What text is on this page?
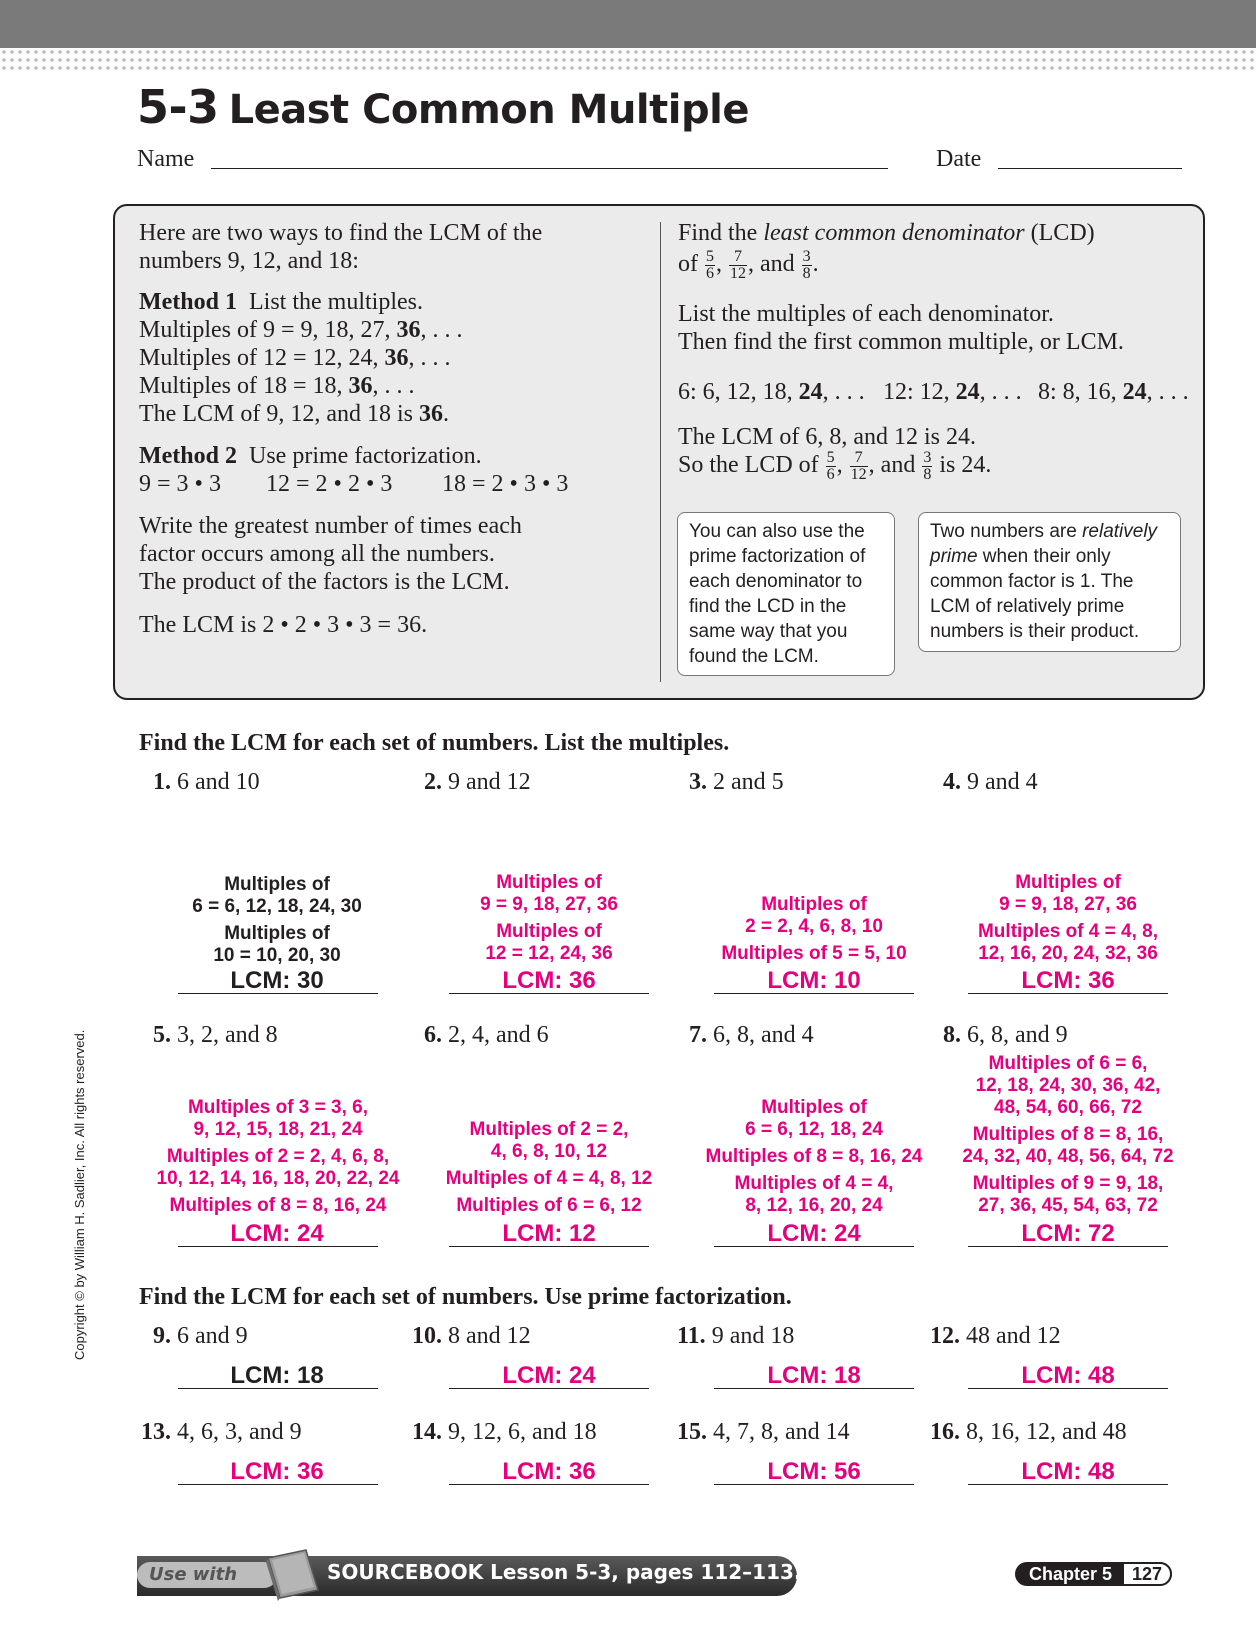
5-3 Least Common Multiple
Name	Date
Here are two ways to find the LCM of the
numbers 9, 12, and 18:
Method 1 List the multiples.
Multiples of 9 = 9, 18, 27, 36, . . .
Multiples of 12 = 12, 24, 36, . . .
Multiples of 18 = 18, 36, . . .
The LCM of 9, 12, and 18 is 36.
Method 2 Use prime factorization.
9 = 3 • 3 12 = 2 • 2 • 3 18 = 2 • 3 • 3
Write the greatest number of times each
factor occurs among all the numbers.
The product of the factors is the LCM.
The LCM is 2 • 2 • 3 • 3 = 36.
Find the least common denominator (LCD)
of $\frac{5}{6}$ , $\frac{7}{12}$ , and $\frac{3}{8}$ .
List the multiples of each denominator.
Then find the first common multiple, or LCM.
6: 6, 12, 18, 24, . . . 12: 12, 24, . . . 8: 8, 16, 24, . . .
The LCM of 6, 8, and 12 is 24.
So the LCD of $\frac{5}{6}$ , $\frac{7}{12}$ , and $\frac{3}{8}$ is 24.
You can also use the
prime factorization of
each denominator to
find the LCD in the
same way that you
found the LCM.
Two numbers are relatively
prime when their only
common factor is 1. The
LCM of relatively prime
numbers is their product.
Find the LCM for each set of numbers. List the multiples.
1. 6 and 10	2. 9 and 12	3. 2 and 5	4. 9 and 4
Multiples of
6 = 6, 12, 18, 24, 30
Multiples of
10 = 10, 20, 30
LCM: 30
Multiples of
9 = 9, 18, 27, 36
Multiples of
12 = 12, 24, 36
LCM: 36
Multiples of
2 = 2, 4, 6, 8, 10
Multiples of 5 = 5, 10
LCM: 10
Multiples of
9 = 9, 18, 27, 36
Multiples of 4 = 4, 8,
12, 16, 20, 24, 32, 36
LCM: 36
5. 3, 2, and 8	6. 2, 4, and 6	7. 6, 8, and 4	8. 6, 8, and 9
Multiples of 3 = 3, 6,
9, 12, 15, 18, 21, 24
Multiples of 2 = 2, 4, 6, 8,
10, 12, 14, 16, 18, 20, 22, 24
Multiples of 8 = 8, 16, 24
LCM: 24
Multiples of 2 = 2,
4, 6, 8, 10, 12
Multiples of 4 = 4, 8, 12
Multiples of 6 = 6, 12
LCM: 12
Multiples of
6 = 6, 12, 18, 24
Multiples of 8 = 8, 16, 24
Multiples of 4 = 4,
8, 12, 16, 20, 24
LCM: 24
Multiples of 6 = 6,
12, 18, 24, 30, 36, 42,
48, 54, 60, 66, 72
Multiples of 8 = 8, 16,
24, 32, 40, 48, 56, 64, 72
Multiples of 9 = 9, 18,
27, 36, 45, 54, 63, 72
LCM: 72
Find the LCM for each set of numbers. Use prime factorization.
9. 6 and 9	10. 8 and 12	11. 9 and 18	12. 48 and 12
LCM: 18	LCM: 24	LCM: 18	LCM: 48
13. 4, 6, 3, and 9	14. 9, 12, 6, and 18	15. 4, 7, 8, and 14	16. 8, 16, 12, and 48
LCM: 36	LCM: 36	LCM: 56	LCM: 48
Copyright © by William H. Sadlier, Inc. All rights reserved.
Use with	SOURCEBOOK Lesson 5-3, pages 112–113.	Chapter 5	127
